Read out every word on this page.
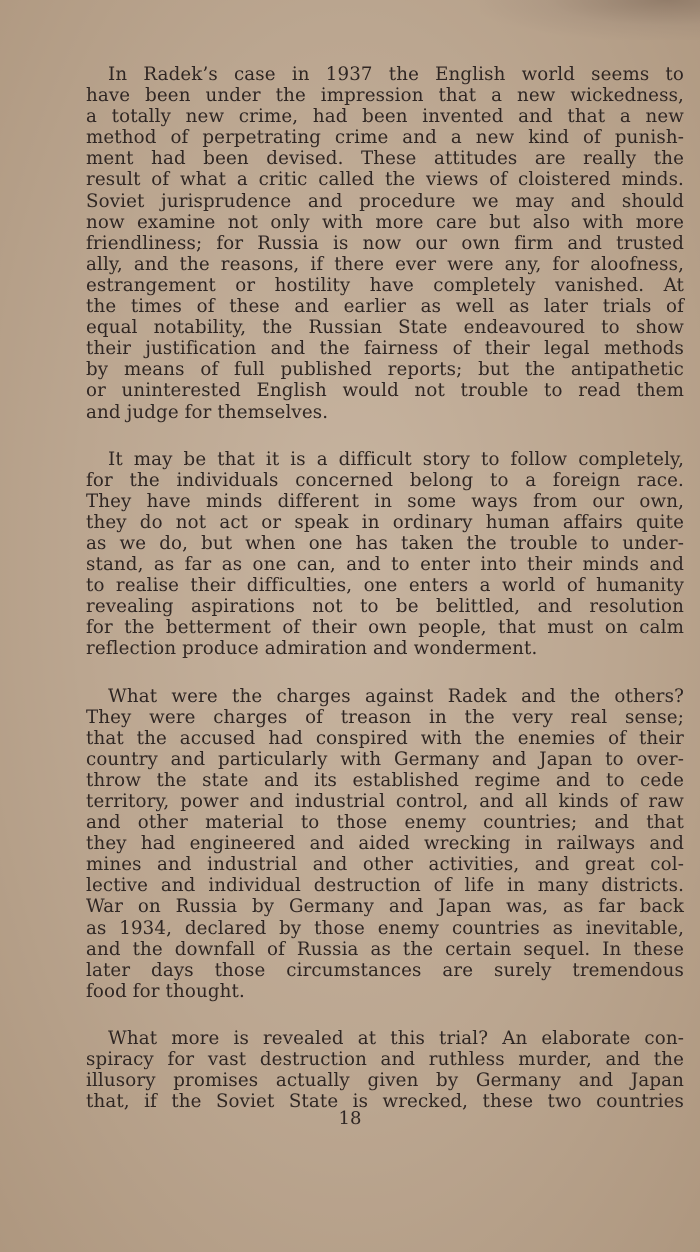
In Radek’s case in 1937 the English world seems to
have been under the impression that a new wickedness,
a totally new crime, had been invented and that a new
method of perpetrating crime and a new kind of punish-
ment had been devised. These attitudes are really the
result of what a critic called the views of cloistered minds.
Soviet jurisprudence and procedure we may and should
now examine not only with more care but also with more
friendliness; for Russia is now our own firm and trusted
ally, and the reasons, if there ever were any, for aloofness,
estrangement or hostility have completely vanished. At
the times of these and earlier as well as later trials of
equal notability, the Russian State endeavoured to show
their justification and the fairness of their legal methods
by means of full published reports; but the antipathetic
or uninterested English would not trouble to read them
and judge for themselves.

It may be that it is a difficult story to follow completely,
for the individuals concerned belong to a foreign race.
They have minds different in some ways from our own,
they do not act or speak in ordinary human affairs quite
as we do, but when one has taken the trouble to under-
stand, as far as one can, and to enter into their minds and
to realise their difficulties, one enters a world of humanity
revealing aspirations not to be belittled, and resolution
for the betterment of their own people, that must on calm
reflection produce admiration and wonderment.

What were the charges against Radek and the others?
They were charges of treason in the very real sense;
that the accused had conspired with the enemies of their
country and particularly with Germany and Japan to over-
throw the state and its established regime and to cede
territory, power and industrial control, and all kinds of raw
and other material to those enemy countries; and that
they had engineered and aided wrecking in railways and
mines and industrial and other activities, and great col-
lective and individual destruction of life in many districts.
War on Russia by Germany and Japan was, as far back
as 1934, declared by those enemy countries as inevitable,
and the downfall of Russia as the certain sequel. In these
later days those circumstances are surely tremendous
food for thought.

What more is revealed at this trial? An elaborate con-
spiracy for vast destruction and ruthless murder, and the
illusory promises actually given by Germany and Japan
that, if the Soviet State is wrecked, these two countries

18
